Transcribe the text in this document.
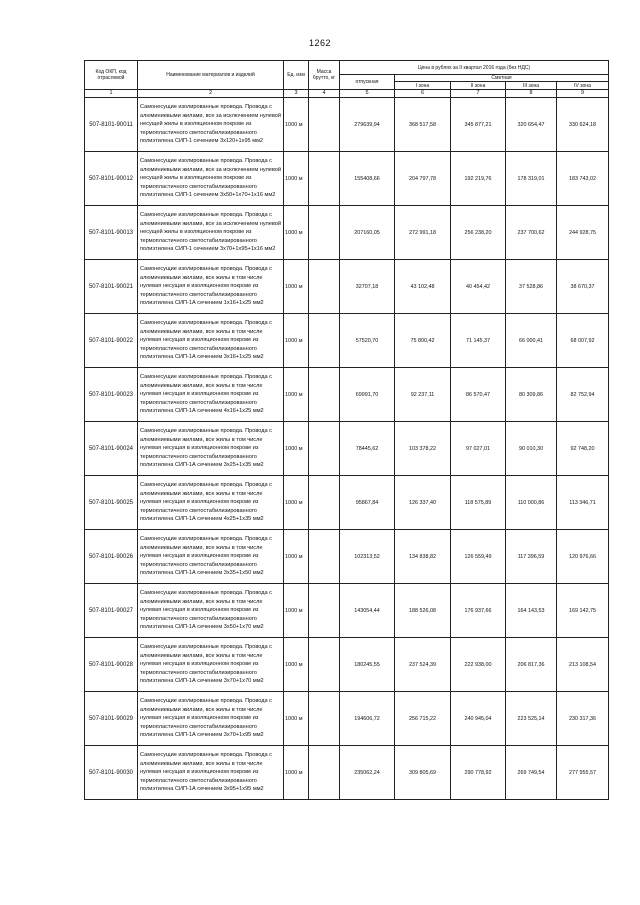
1262
Код ОКП, код отраслевой	Наименование материалов и изделий	Ед. изм	Масса брутто, кг	Цена в рублях за II квартал 2016 года (без НДС)				
				отпускная	Сметная			
					I зона	II зона	III зона	IV зона
1	2	3	4	5	6	7	8	9
507-8101-90011	Самонесущие изолированные провода. Провода с алюминиевыми жилами, все за исключением нулевой несущей жилы в изоляционном покрове из термопластичного светостабилизированного полиэтилена СИП-1 сечением 3х120+1х95 мм2	1000 м		279639,94	368 517,58	345 877,21	320 654,47	330 624,18
507-8101-90012	Самонесущие изолированные провода. Провода с алюминиевыми жилами, все за исключением нулевой несущей жилы в изоляционном покрове из термопластичного светостабилизированного полиэтилена СИП-1 сечением 3х50+1х70+1х16 мм2	1000 м		155408,66	204 797,78	192 219,76	178 319,01	183 743,02
507-8101-90013	Самонесущие изолированные провода. Провода с алюминиевыми жилами, все за исключением нулевой несущей жилы в изоляционном покрове из термопластичного светостабилизированного полиэтилена СИП-1 сечением 3х70+1х95+1х16 мм2	1000 м		207160,05	272 991,18	256 238,20	237 700,62	244 928,75
507-8101-90021	Самонесущие изолированные провода. Провода с алюминиевыми жилами, все жилы в том числе нулевая несущая в изоляционном покрове из термопластичного светостабилизированного полиэтилена СИП-1А сечением 1х16+1х25 мм2	1000 м		32707,18	43 102,48	40 454,42	37 528,86	38 670,37
507-8101-90022	Самонесущие изолированные провода. Провода с алюминиевыми жилами, все жилы в том числе нулевая несущая в изоляционном покрове из термопластичного светостабилизированного полиэтилена СИП-1А сечением 3х16+1х25 мм2	1000 м		57520,70	75 800,42	71 145,37	66 000,41	68 007,92
507-8101-90023	Самонесущие изолированные провода. Провода с алюминиевыми жилами, все жилы в том числе нулевая несущая в изоляционном покрове из термопластичного светостабилизированного полиэтилена СИП-1А сечением 4х16+1х25 мм2	1000 м		69991,70	92 237,11	86 570,47	80 309,86	82 752,94
507-8101-90024	Самонесущие изолированные провода. Провода с алюминиевыми жилами, все жилы в том числе нулевая несущая в изоляционном покрове из термопластичного светостабилизированного полиэтилена СИП-1А сечением 3х25+1х35 мм2	1000 м		78445,62	103 378,22	97 027,01	90 010,30	92 748,20
507-8101-90025	Самонесущие изолированные провода. Провода с алюминиевыми жилами, все жилы в том числе нулевая несущая в изоляционном покрове из термопластичного светостабилизированного полиэтилена СИП-1А сечением 4х25+1х35 мм2	1000 м		95867,84	126 337,40	118 575,89	110 000,86	113 346,71
507-8101-90026	Самонесущие изолированные провода. Провода с алюминиевыми жилами, все жилы в том числе нулевая несущая в изоляционном покрове из термопластичного светостабилизированного полиэтилена СИП-1А сечением 3х35+1х50 мм2	1000 м		102313,52	134 838,82	126 559,49	117 396,59	120 976,66
507-8101-90027	Самонесущие изолированные провода. Провода с алюминиевыми жилами, все жилы в том числе нулевая несущая в изоляционном покрове из термопластичного светостабилизированного полиэтилена СИП-1А сечением 3х50+1х70 мм2	1000 м		143054,44	188 526,08	176 937,66	164 143,53	169 142,75
507-8101-90028	Самонесущие изолированные провода. Провода с алюминиевыми жилами, все жилы в том числе нулевая несущая в изоляционном покрове из термопластичного светостабилизированного полиэтилена СИП-1А сечением 3х70+1х70 мм2	1000 м		180245,55	237 524,39	222 938,00	206 817,36	213 108,54
507-8101-90029	Самонесущие изолированные провода. Провода с алюминиевыми жилами, все жилы в том числе нулевая несущая в изоляционном покрове из термопластичного светостабилизированного полиэтилена СИП-1А сечением 3х70+1х95 мм2	1000 м		194606,72	256 715,22	240 945,04	223 525,14	230 317,36
507-8101-90030	Самонесущие изолированные провода. Провода с алюминиевыми жилами, все жилы в том числе нулевая несущая в изоляционном покрове из термопластичного светостабилизированного полиэтилена СИП-1А сечением 3х95+1х95 мм2	1000 м		235062,24	309 805,69	290 778,92	269 749,54	277 955,57
